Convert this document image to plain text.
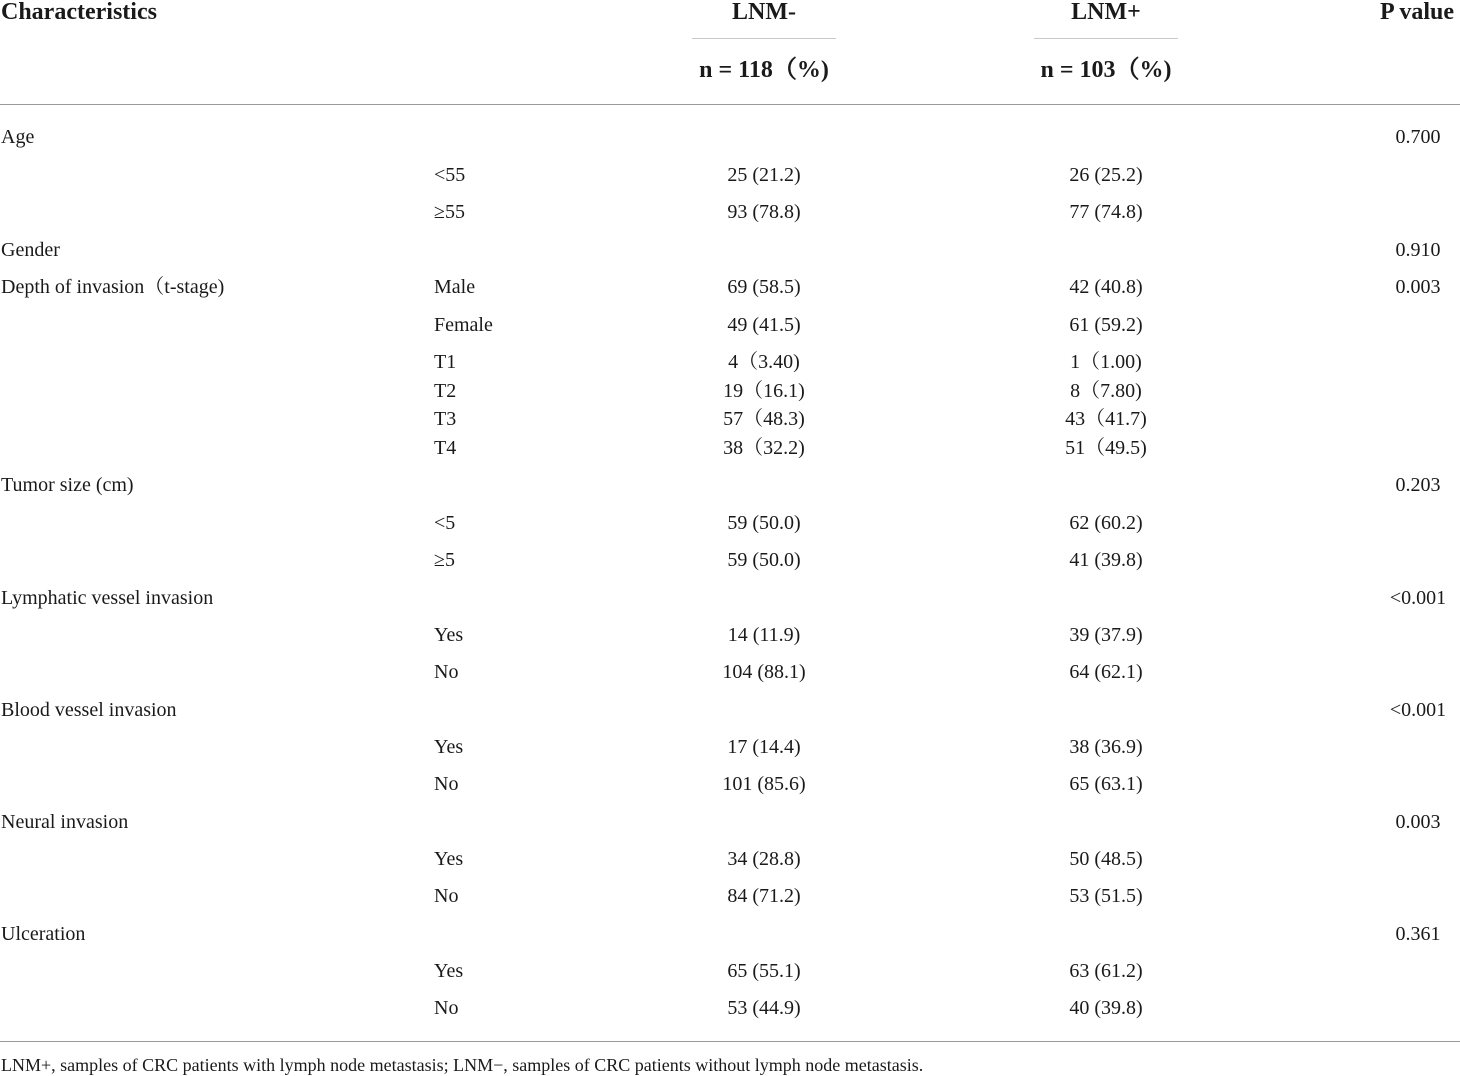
Characteristics	LNM-	LNM+	P value
n = 118（%)	n = 103（%)
Age	0.700
<55	25 (21.2)	26 (25.2)
≥55	93 (78.8)	77 (74.8)
Gender	0.910
Depth of invasion（t-stage)	Male	69 (58.5)	42 (40.8)	0.003
Female	49 (41.5)	61 (59.2)
T1	4（3.40)	1（1.00)
T2	19（16.1)	8（7.80)
T3	57（48.3)	43（41.7)
T4	38（32.2)	51（49.5)
Tumor size (cm)	0.203
<5	59 (50.0)	62 (60.2)
≥5	59 (50.0)	41 (39.8)
Lymphatic vessel invasion	<0.001
Yes	14 (11.9)	39 (37.9)
No	104 (88.1)	64 (62.1)
Blood vessel invasion	<0.001
Yes	17 (14.4)	38 (36.9)
No	101 (85.6)	65 (63.1)
Neural invasion	0.003
Yes	34 (28.8)	50 (48.5)
No	84 (71.2)	53 (51.5)
Ulceration	0.361
Yes	65 (55.1)	63 (61.2)
No	53 (44.9)	40 (39.8)
LNM+, samples of CRC patients with lymph node metastasis; LNM−, samples of CRC patients without lymph node metastasis.
